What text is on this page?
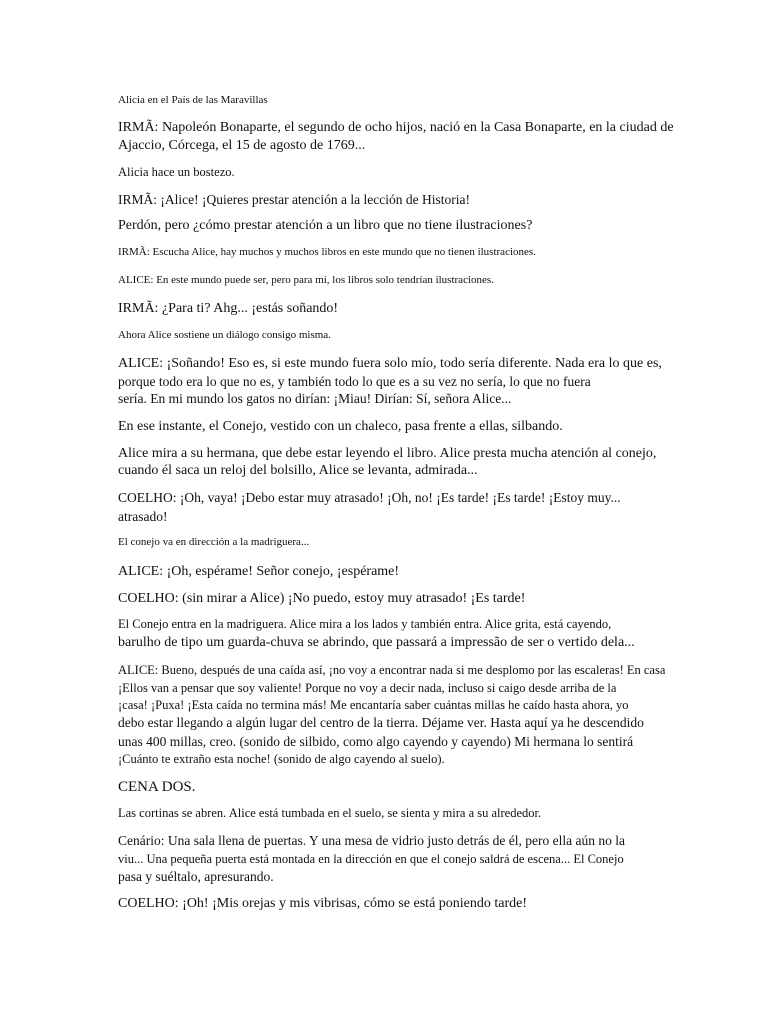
Alicia en el País de las Maravillas

IRMÃ: Napoleón Bonaparte, el segundo de ocho hijos, nació en la Casa Bonaparte, en la ciudad de

Ajaccio, Córcega, el 15 de agosto de 1769...

Alicia hace un bostezo.

IRMÃ: ¡Alice! ¡Quieres prestar atención a la lección de Historia!

Perdón, pero ¿cómo prestar atención a un libro que no tiene ilustraciones?

IRMÃ: Escucha Alice, hay muchos y muchos libros en este mundo que no tienen ilustraciones.

ALICE: En este mundo puede ser, pero para mí, los libros solo tendrían ilustraciones.

IRMÃ: ¿Para ti? Ahg... ¡estás soñando!

Ahora Alice sostiene un diálogo consigo misma.

ALICE: ¡Soñando! Eso es, si este mundo fuera solo mío, todo sería diferente. Nada era lo que es,

porque todo era lo que no es, y también todo lo que es a su vez no sería, lo que no fuera

sería. En mi mundo los gatos no dirían: ¡Miau! Dirían: Sí, señora Alice...

En ese instante, el Conejo, vestido con un chaleco, pasa frente a ellas, silbando.

Alice mira a su hermana, que debe estar leyendo el libro. Alice presta mucha atención al conejo,

cuando él saca un reloj del bolsillo, Alice se levanta, admirada...

COELHO: ¡Oh, vaya! ¡Debo estar muy atrasado! ¡Oh, no! ¡Es tarde! ¡Es tarde! ¡Estoy muy...

atrasado!

El conejo va en dirección a la madriguera...

ALICE: ¡Oh, espérame! Señor conejo, ¡espérame!

COELHO: (sin mirar a Alice) ¡No puedo, estoy muy atrasado! ¡Es tarde!

El Conejo entra en la madriguera. Alice mira a los lados y también entra. Alice grita, está cayendo,

barulho de tipo um guarda-chuva se abrindo, que passará a impressão de ser o vertido dela...

ALICE: Bueno, después de una caída así, ¡no voy a encontrar nada si me desplomo por las escaleras! En casa

¡Ellos van a pensar que soy valiente! Porque no voy a decir nada, incluso si caigo desde arriba de la

¡casa! ¡Puxa! ¡Esta caída no termina más! Me encantaría saber cuántas millas he caído hasta ahora, yo

debo estar llegando a algún lugar del centro de la tierra. Déjame ver. Hasta aquí ya he descendido

unas 400 millas, creo. (sonido de silbido, como algo cayendo y cayendo) Mi hermana lo sentirá

¡Cuánto te extraño esta noche! (sonido de algo cayendo al suelo).

CENA DOS.

Las cortinas se abren. Alice está tumbada en el suelo, se sienta y mira a su alrededor.

Cenário: Una sala llena de puertas. Y una mesa de vidrio justo detrás de él, pero ella aún no la

viu... Una pequeña puerta está montada en la dirección en que el conejo saldrá de escena... El Conejo

pasa y suéltalo, apresurando.

COELHO: ¡Oh! ¡Mis orejas y mis vibrisas, cómo se está poniendo tarde!
